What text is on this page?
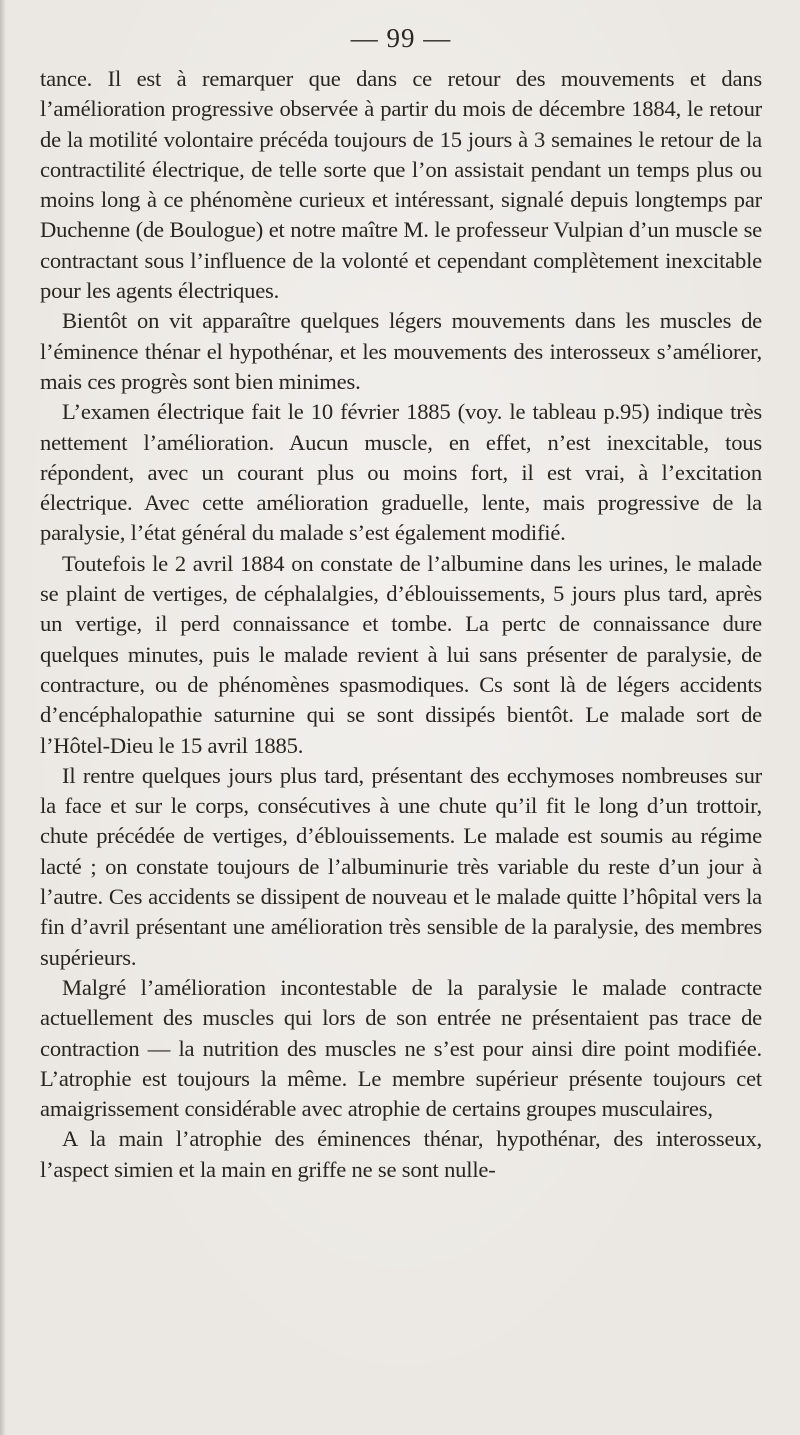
— 99 —

tance. Il est à remarquer que dans ce retour des mouvements et dans l’amélioration progressive observée à partir du mois de décembre 1884, le retour de la motilité volontaire précéda toujours de 15 jours à 3 semaines le retour de la contractilité électrique, de telle sorte que l’on assistait pendant un temps plus ou moins long à ce phénomène curieux et intéressant, signalé depuis longtemps par Duchenne (de Boulogue) et notre maître M. le professeur Vulpian d’un muscle se contractant sous l’influence de la volonté et cependant complètement inexcitable pour les agents électriques.

Bientôt on vit apparaître quelques légers mouvements dans les muscles de l’éminence thénar el hypothénar, et les mouvements des interosseux s’améliorer, mais ces progrès sont bien minimes.

L’examen électrique fait le 10 février 1885 (voy. le tableau p.95) indique très nettement l’amélioration. Aucun muscle, en effet, n’est inexcitable, tous répondent, avec un courant plus ou moins fort, il est vrai, à l’excitation électrique. Avec cette amélioration graduelle, lente, mais progressive de la paralysie, l’état général du malade s’est également modifié.

Toutefois le 2 avril 1884 on constate de l’albumine dans les urines, le malade se plaint de vertiges, de céphalalgies, d’éblouissements, 5 jours plus tard, après un vertige, il perd connaissance et tombe. La pertc de connaissance dure quelques minutes, puis le malade revient à lui sans présenter de paralysie, de contracture, ou de phénomènes spasmodiques. Cs sont là de légers accidents d’encéphalopathie saturnine qui se sont dissipés bientôt. Le malade sort de l’Hôtel-Dieu le 15 avril 1885.

Il rentre quelques jours plus tard, présentant des ecchymoses nombreuses sur la face et sur le corps, consécutives à une chute qu’il fit le long d’un trottoir, chute précédée de vertiges, d’éblouissements. Le malade est soumis au régime lacté ; on constate toujours de l’albuminurie très variable du reste d’un jour à l’autre. Ces accidents se dissipent de nouveau et le malade quitte l’hôpital vers la fin d’avril présentant une amélioration très sensible de la paralysie, des membres supérieurs.

Malgré l’amélioration incontestable de la paralysie le malade contracte actuellement des muscles qui lors de son entrée ne présentaient pas trace de contraction — la nutrition des muscles ne s’est pour ainsi dire point modifiée. L’atrophie est toujours la même. Le membre supérieur présente toujours cet amaigrissement considérable avec atrophie de certains groupes musculaires,

A la main l’atrophie des éminences thénar, hypothénar, des interosseux, l’aspect simien et la main en griffe ne se sont nulle-
